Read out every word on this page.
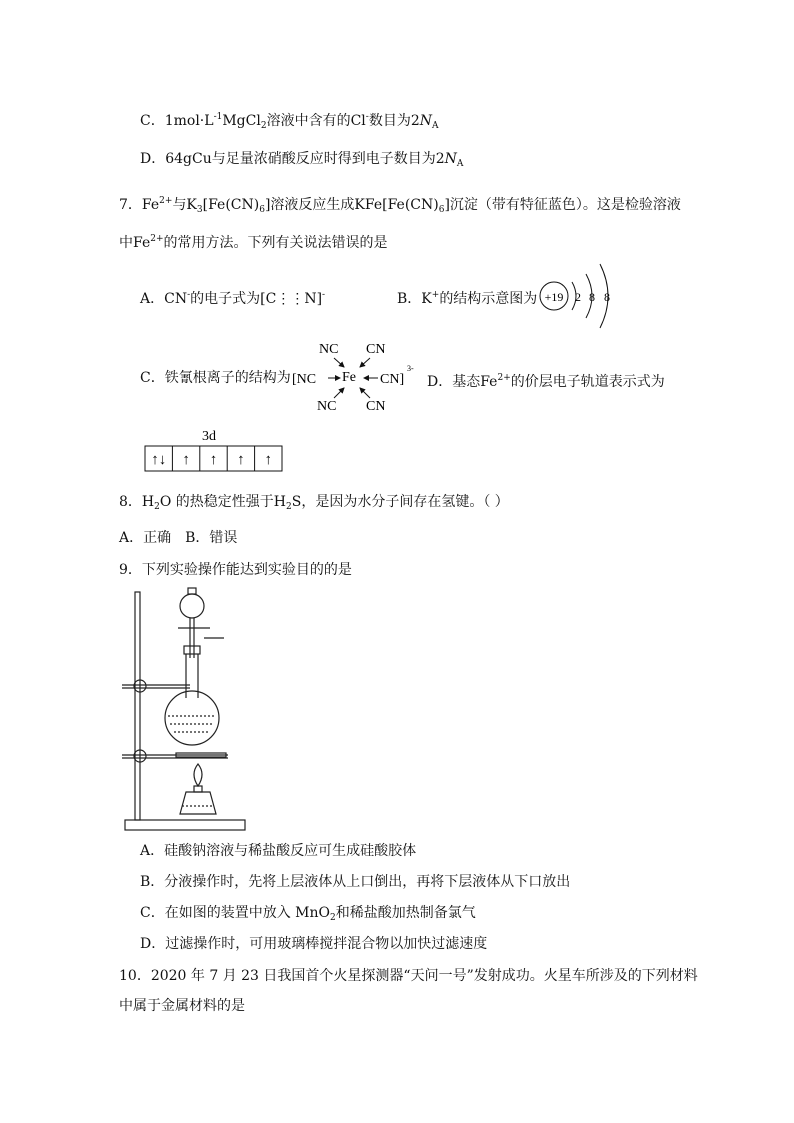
C．$1mol\cdot L^{-1}MgCl_2$溶液中含有的Cl-数目为$2N_A$
D．64gCu与足量浓硝酸反应时得到电子数目为$2N_A$
7．$Fe^{2+}$与$K_3[Fe(CN)_6]$溶液反应生成$KFe[Fe(CN)_6]$沉淀（带有特征蓝色）。这是检验溶液
中$Fe^{2+}$的常用方法。下列有关说法错误的是
A．CN-的电子式为[C⋮⋮N]-	B．K+的结构示意图为 +19 2 8 8
C．铁氰根离子的结构为
NC CN
[NC Fe CN]
3-
NC CN
D．基态$Fe^{2+}$的价层电子轨道表示式为
3d
↑↓ ↑ ↑ ↑ ↑
8．$H_2O$ 的热稳定性强于$H_2S$，是因为水分子间存在氢键。（ ）
A．正确　B．错误
9．下列实验操作能达到实验目的的是
A．硅酸钠溶液与稀盐酸反应可生成硅酸胶体
B．分液操作时，先将上层液体从上口倒出，再将下层液体从下口放出
C．在如图的装置中放入 MnO$_2$和稀盐酸加热制备氯气
D．过滤操作时，可用玻璃棒搅拌混合物以加快过滤速度
10．2020 年 7 月 23 日我国首个火星探测器“天问一号”发射成功。火星车所涉及的下列材料
中属于金属材料的是
